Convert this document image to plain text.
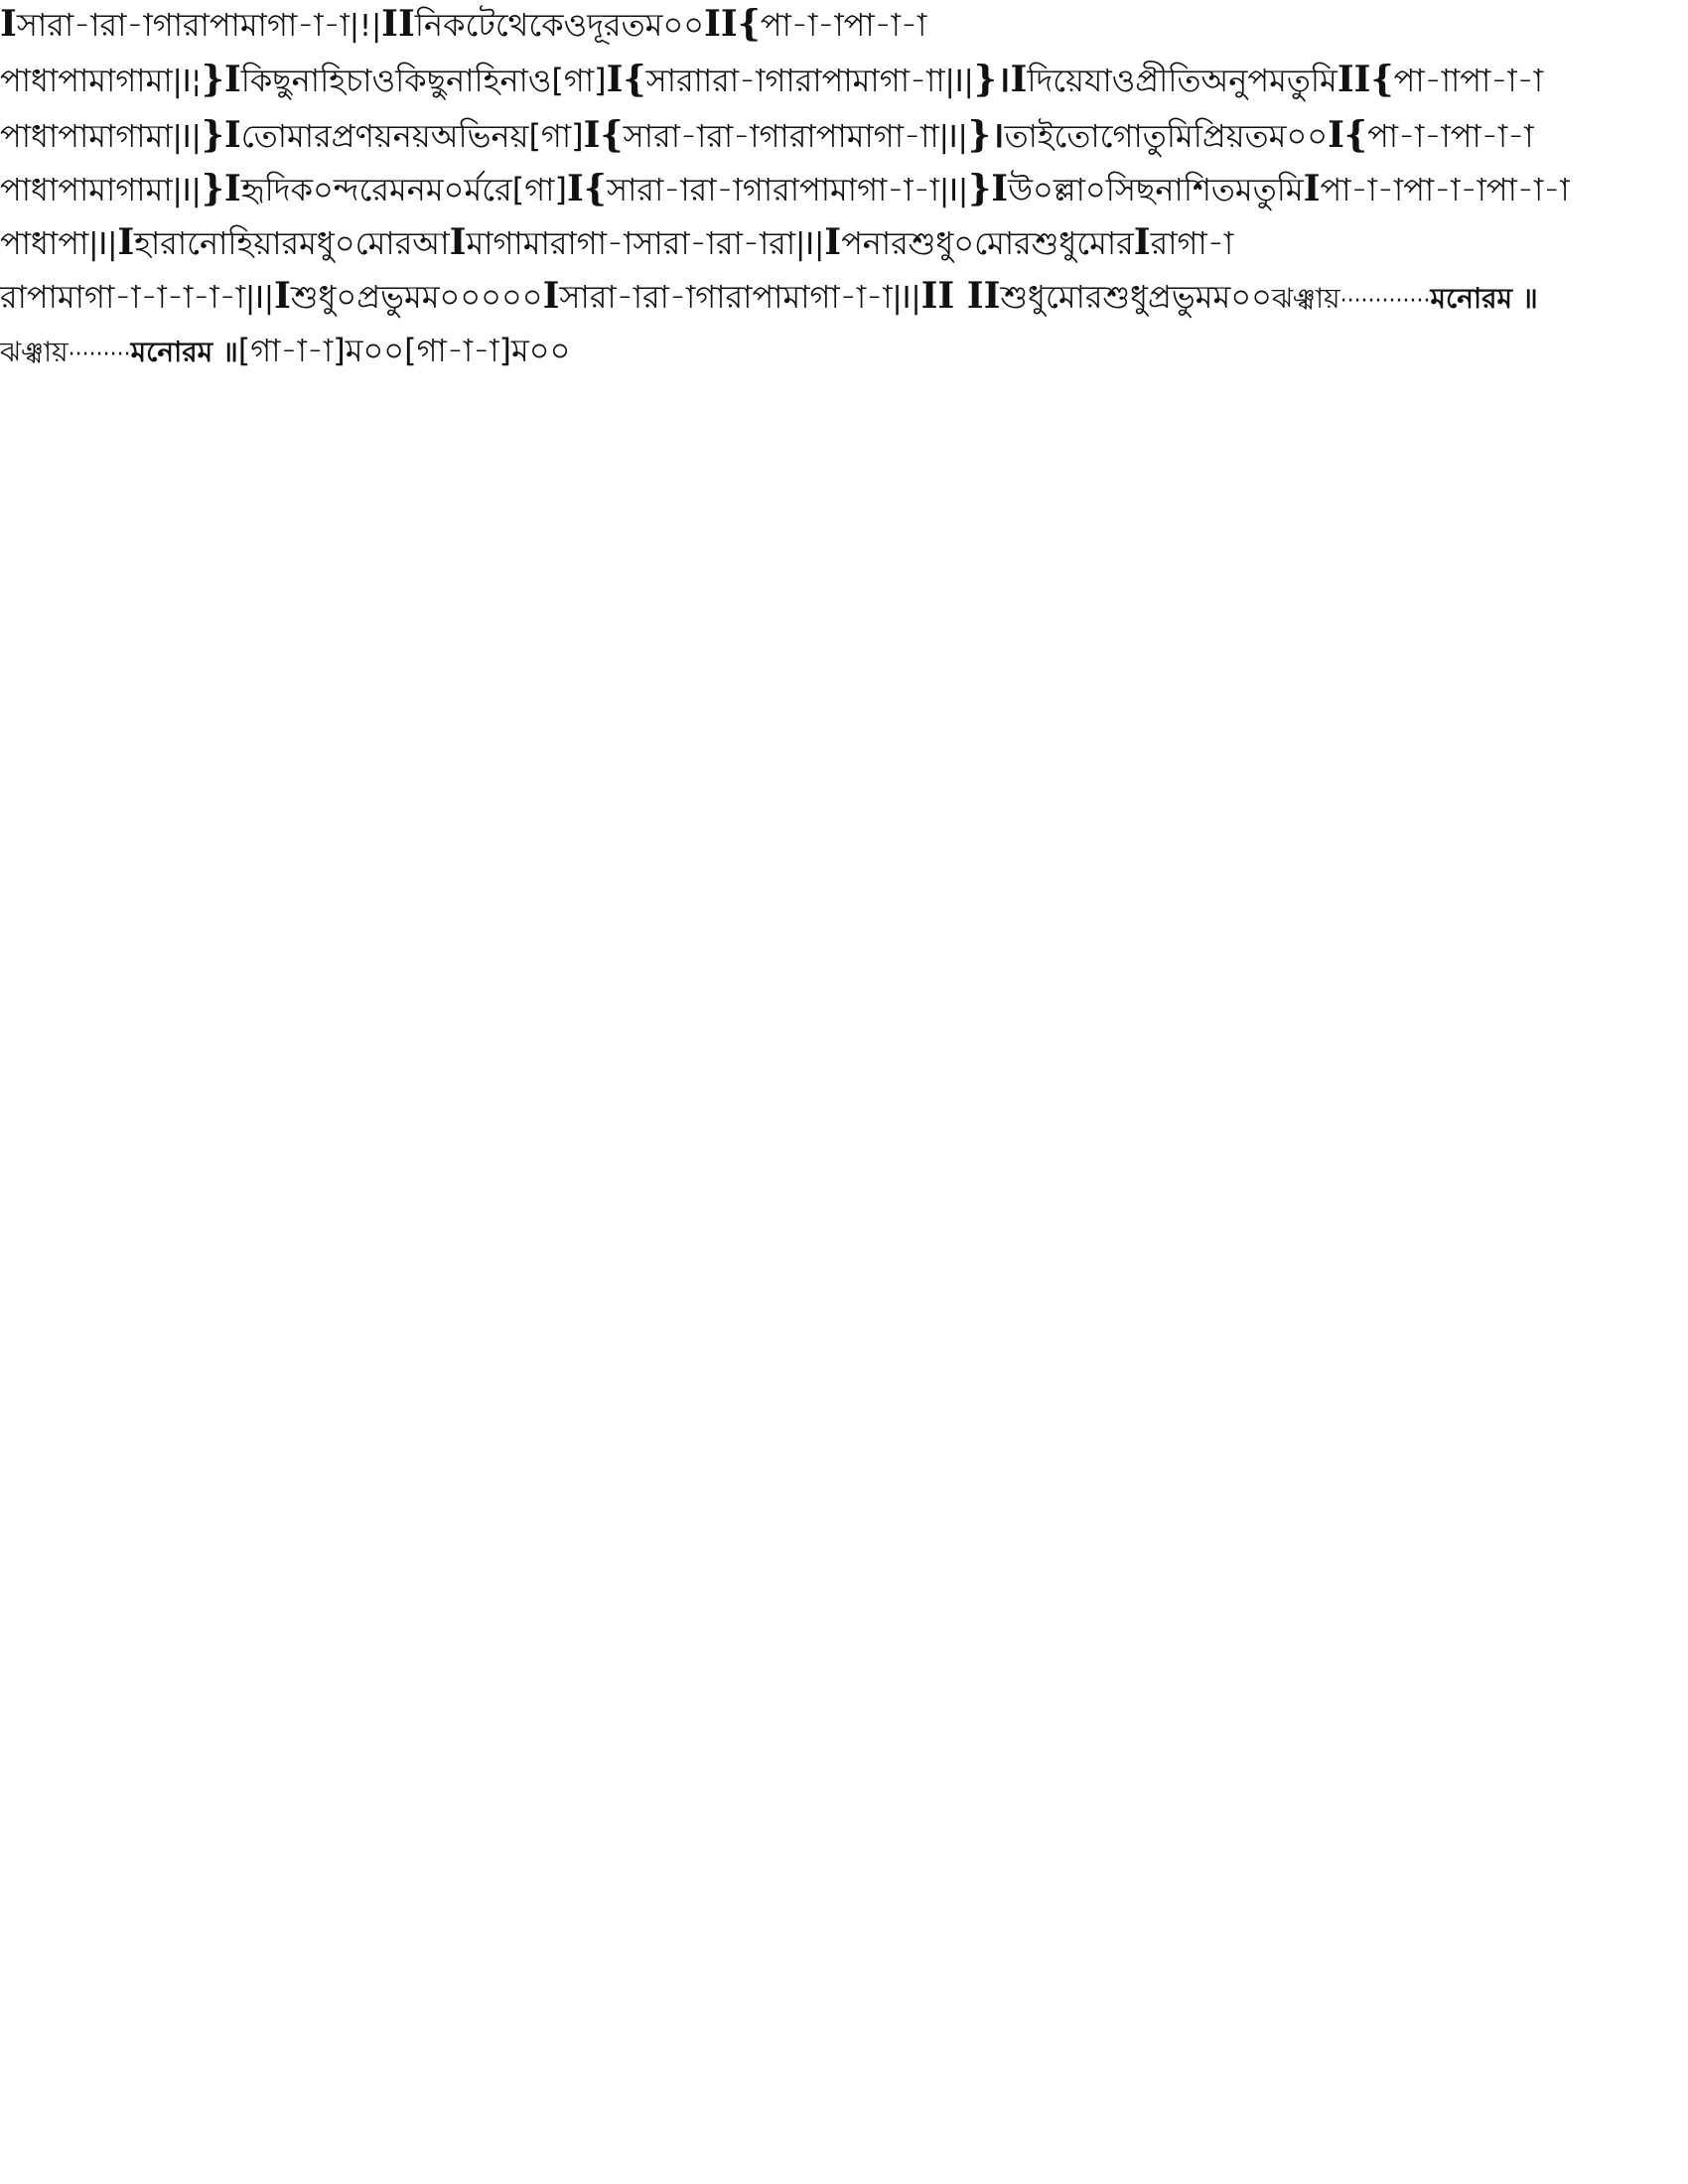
Iসারা-ারা-াগারাপামাগা-া-া|!|IIনিকটেথেকেওদূরতম০০II{পা-া-াপা-া-াপাধাপামাগামা|I¦}Iকিছুনাহিচাওকিছুনাহিনাও[গা]I{সারারা-াগারাপামাগা-া|I|}।Iদিয়েযাওপ্রীতিঅনুপমতুমিII{পা-াপা-া-াপাধাপামাগামা|I|}Iতোমারপ্রণয়নয়অভিনয়[গা]I{সারা-ারা-াগারাপামাগা-া|I|}।তাইতোগোতুমিপ্রিয়তম০০I{পা-া-াপা-া-াপাধাপামাগামা|I|}Iহৃদিক০ন্দরেমনম০র্মরে[গা]I{সারা-ারা-াগারাপামাগা-া-া|I|}Iউ০ল্লা০সিছনাশিতমতুমিIপা-া-াপা-া-াপা-া-াপাধাপা|I|Iহারানোহিয়ারমধু০মোরআIমাগামারাগা-াসারা-ারা-ারা|I|Iপনারশুধু০মোরশুধুমোরIরাগা-ারাপামাগা-া-া-া-া-া|I|Iশুধু০প্রভুমম০০০০০Iসারা-ারা-াগারাপামাগা-া-া|I|II IIশুধুমোরশুধুপ্রভুমম০০ঝঞ্ঝায়·············মনোরম ॥ঝঞ্ঝায়·········মনোরম ॥[গা-া-া]ম০০[গা-া-া]ম০০
